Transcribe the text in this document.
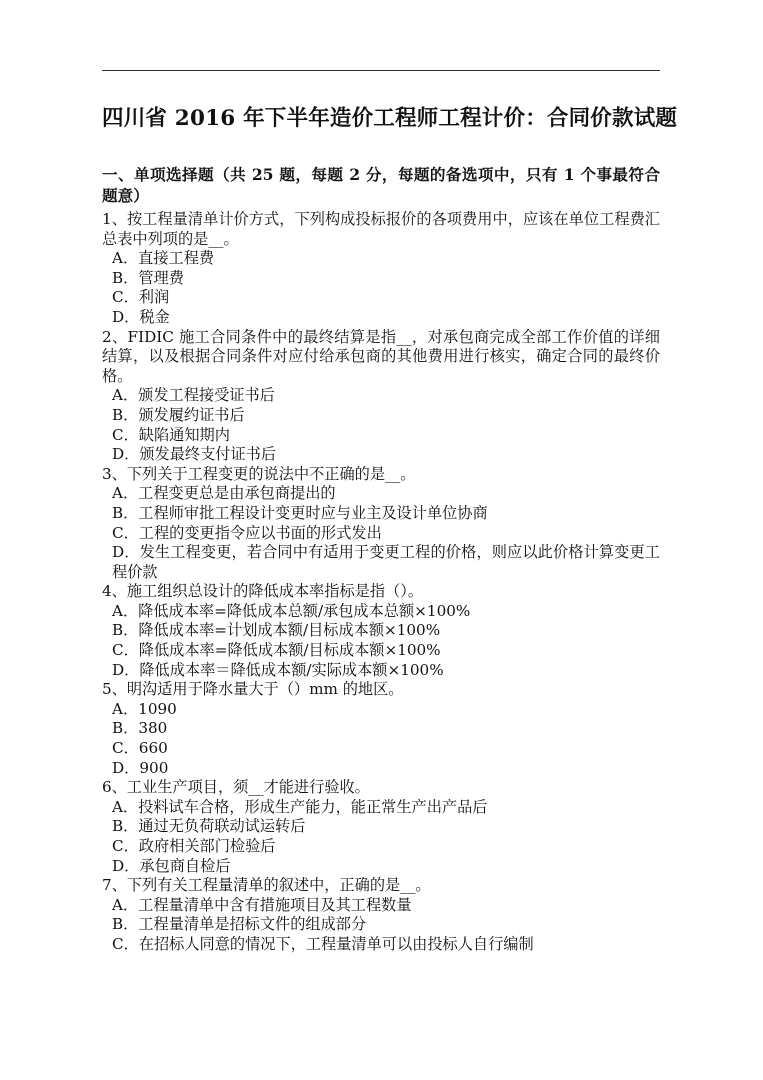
四川省 2016 年下半年造价工程师工程计价：合同价款试题

一、单项选择题（共 25 题，每题 2 分，每题的备选项中，只有 1 个事最符合题意）

1、按工程量清单计价方式，下列构成投标报价的各项费用中，应该在单位工程费汇总表中列项的是__。

A．直接工程费

B．管理费

C．利润

D．税金

2、FIDIC 施工合同条件中的最终结算是指__，对承包商完成全部工作价值的详细结算，以及根据合同条件对应付给承包商的其他费用进行核实，确定合同的最终价格。

A．颁发工程接受证书后

B．颁发履约证书后

C．缺陷通知期内

D．颁发最终支付证书后

3、下列关于工程变更的说法中不正确的是__。

A．工程变更总是由承包商提出的

B．工程师审批工程设计变更时应与业主及设计单位协商

C．工程的变更指令应以书面的形式发出

D．发生工程变更，若合同中有适用于变更工程的价格，则应以此价格计算变更工程价款

4、施工组织总设计的降低成本率指标是指（）。

A．降低成本率=降低成本总额/承包成本总额×100%

B．降低成本率=计划成本额/目标成本额×100%

C．降低成本率=降低成本额/目标成本额×100%

D．降低成本率＝降低成本额/实际成本额×100%

5、明沟适用于降水量大于（）mm 的地区。

A．1090

B．380

C．660

D．900

6、工业生产项目，须__才能进行验收。

A．投料试车合格，形成生产能力，能正常生产出产品后

B．通过无负荷联动试运转后

C．政府相关部门检验后

D．承包商自检后

7、下列有关工程量清单的叙述中，正确的是__。

A．工程量清单中含有措施项目及其工程数量

B．工程量清单是招标文件的组成部分

C．在招标人同意的情况下，工程量清单可以由投标人自行编制
